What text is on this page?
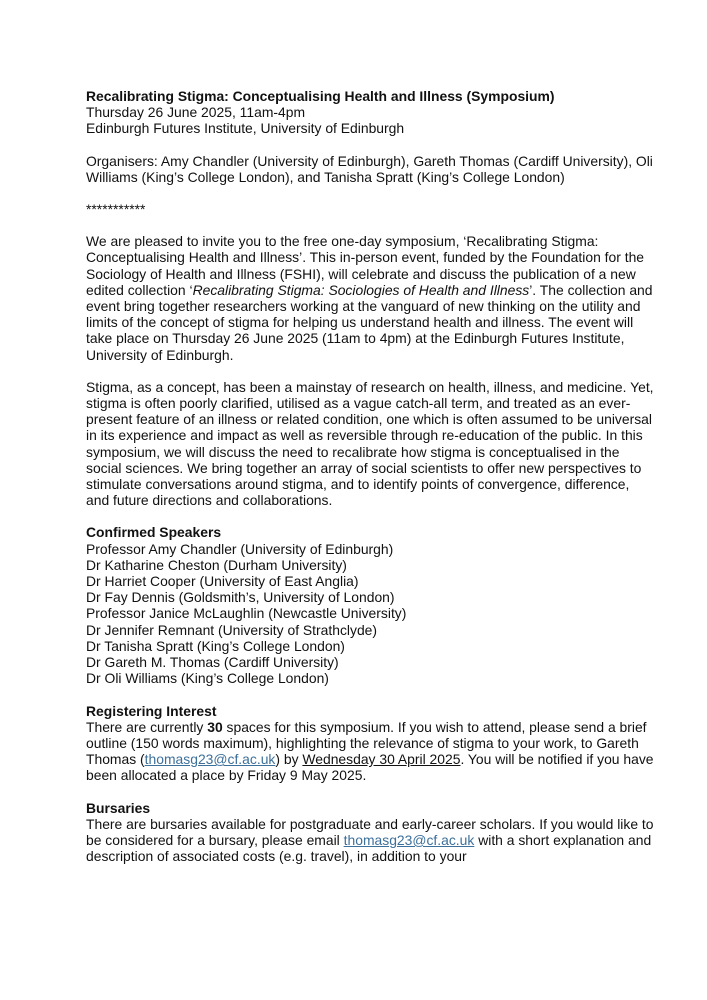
Recalibrating Stigma: Conceptualising Health and Illness (Symposium)
Thursday 26 June 2025, 11am-4pm
Edinburgh Futures Institute, University of Edinburgh

Organisers: Amy Chandler (University of Edinburgh), Gareth Thomas (Cardiff University), Oli Williams (King’s College London), and Tanisha Spratt (King’s College London)

***********

We are pleased to invite you to the free one-day symposium, ‘Recalibrating Stigma: Conceptualising Health and Illness’. This in-person event, funded by the Foundation for the Sociology of Health and Illness (FSHI), will celebrate and discuss the publication of a new edited collection ‘Recalibrating Stigma: Sociologies of Health and Illness’. The collection and event bring together researchers working at the vanguard of new thinking on the utility and limits of the concept of stigma for helping us understand health and illness. The event will take place on Thursday 26 June 2025 (11am to 4pm) at the Edinburgh Futures Institute, University of Edinburgh.

Stigma, as a concept, has been a mainstay of research on health, illness, and medicine. Yet, stigma is often poorly clarified, utilised as a vague catch-all term, and treated as an ever-present feature of an illness or related condition, one which is often assumed to be universal in its experience and impact as well as reversible through re-education of the public. In this symposium, we will discuss the need to recalibrate how stigma is conceptualised in the social sciences. We bring together an array of social scientists to offer new perspectives to stimulate conversations around stigma, and to identify points of convergence, difference, and future directions and collaborations.

Confirmed Speakers
Professor Amy Chandler (University of Edinburgh)
Dr Katharine Cheston (Durham University)
Dr Harriet Cooper (University of East Anglia)
Dr Fay Dennis (Goldsmith’s, University of London)
Professor Janice McLaughlin (Newcastle University)
Dr Jennifer Remnant (University of Strathclyde)
Dr Tanisha Spratt (King’s College London)
Dr Gareth M. Thomas (Cardiff University)
Dr Oli Williams (King’s College London)
Registering Interest
There are currently 30 spaces for this symposium. If you wish to attend, please send a brief outline (150 words maximum), highlighting the relevance of stigma to your work, to Gareth Thomas (thomasg23@cf.ac.uk) by Wednesday 30 April 2025. You will be notified if you have been allocated a place by Friday 9 May 2025.
Bursaries
There are bursaries available for postgraduate and early-career scholars. If you would like to be considered for a bursary, please email thomasg23@cf.ac.uk with a short explanation and description of associated costs (e.g. travel), in addition to your
